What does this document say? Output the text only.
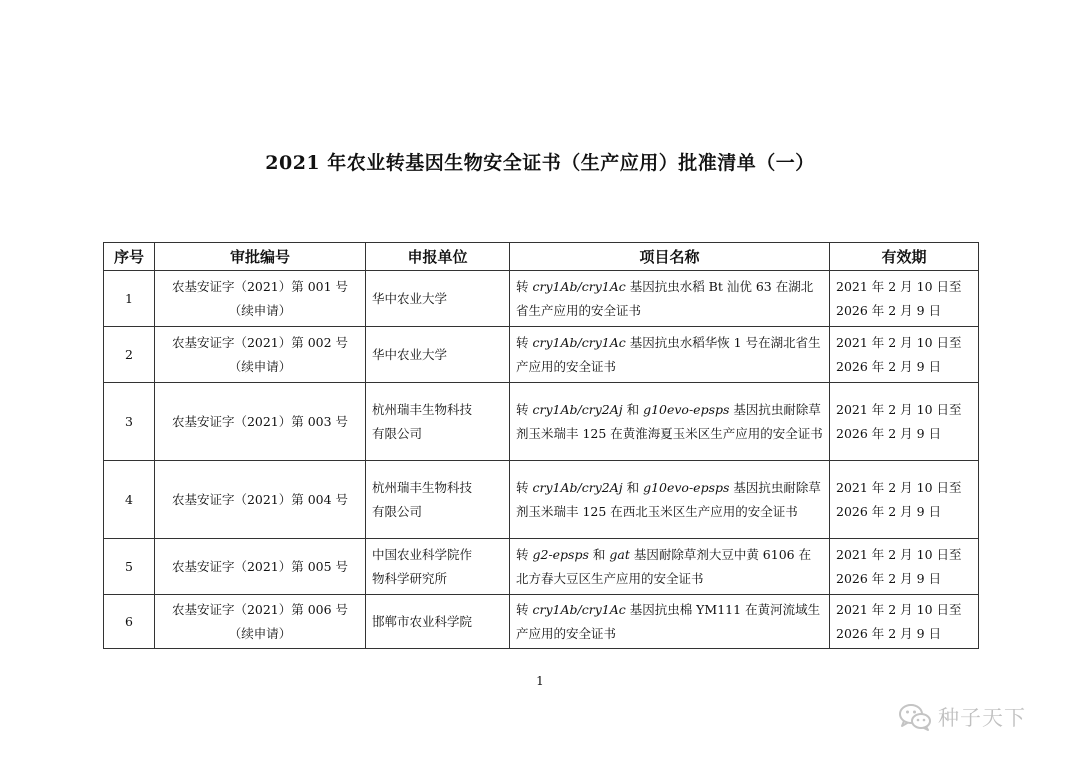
2021 年农业转基因生物安全证书（生产应用）批准清单（一）
序号	审批编号	申报单位	项目名称	有效期
1	农基安证字（2021）第 001 号
（续申请）	华中农业大学	转 cry1Ab/cry1Ac 基因抗虫水稻 Bt 汕优 63 在湖北省生产应用的安全证书	2021 年 2 月 10 日至
2026 年 2 月 9 日

2	农基安证字（2021）第 002 号
（续申请）	华中农业大学	转 cry1Ab/cry1Ac 基因抗虫水稻华恢 1 号在湖北省生产应用的安全证书	2021 年 2 月 10 日至
2026 年 2 月 9 日

3	农基安证字（2021）第 003 号	杭州瑞丰生物科技
有限公司	转 cry1Ab/cry2Aj 和 g10evo-epsps 基因抗虫耐除草剂玉米瑞丰 125 在黄淮海夏玉米区生产应用的安全证书	2021 年 2 月 10 日至
2026 年 2 月 9 日

4	农基安证字（2021）第 004 号	杭州瑞丰生物科技
有限公司	转 cry1Ab/cry2Aj 和 g10evo-epsps 基因抗虫耐除草剂玉米瑞丰 125 在西北玉米区生产应用的安全证书	2021 年 2 月 10 日至
2026 年 2 月 9 日

5	农基安证字（2021）第 005 号	中国农业科学院作
物科学研究所	转 g2-epsps 和 gat 基因耐除草剂大豆中黄 6106 在北方春大豆区生产应用的安全证书	2021 年 2 月 10 日至
2026 年 2 月 9 日

6	农基安证字（2021）第 006 号
（续申请）	邯郸市农业科学院	转 cry1Ab/cry1Ac 基因抗虫棉 YM111 在黄河流域生产应用的安全证书	2021 年 2 月 10 日至
2026 年 2 月 9 日
1
种子天下
